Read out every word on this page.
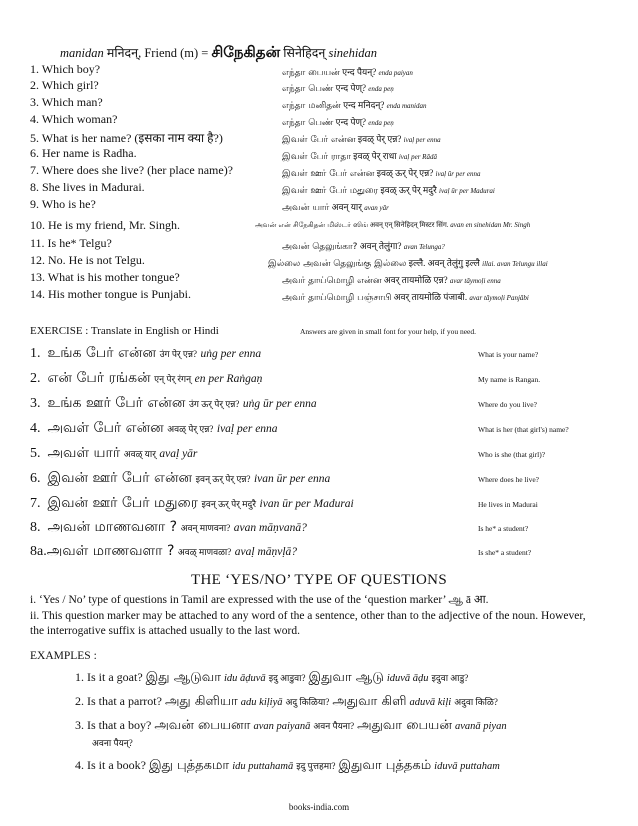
manidan मनिदन्, Friend (m) = சிநேகிதன் सिनेहिदन् sinehidan
1. Which boy?	எந்தா பையன் एन्द पैयन्? enda paiyan
2. Which girl?	எந்தா பெண் एन्द पेण्? enda peṇ
3. Which man?	எந்தா மனிதன் एन्द मनिदन्? enda manidan
4. Which woman?	எந்தா பெண் एन्द पेण्? enda peṇ
5. What is her name? (इसका नाम क्या है?)	இவள் பேர் என்ன इवळ् पेर् एन्न? ivaḷ per enna
6. Her name is Radha.	இவள் பேர் ராதா इवळ् पेर् राधा ivaḷ per Rādā
7. Where does she live? (her place name)?	இவள் ஊர் பேர் என்ன इवळ् ऊर् पेर् एन्न? ivaḷ ūr per enna
8. She lives in Madurai.	இவள் ஊர் பேர் மதுரை इवळ् ऊर् पेर् मदुरै ivaḷ ūr per Madurai
9. Who is he?	அவன் யார் अवन् यार् avan yār
10. He is my friend, Mr. Singh.	அவன் என் சிநேகிதன் மிஸ்டர் ஸிங் अवन् एन् सिनेहिदन् मिस्टर सिंग. avan en sinehidan Mr. Singh
11. Is he* Telgu?	அவன் தெலுங்கா? अवन् तेलुंगा? avan Telunga?
12. No. He is not Telgu.	இல்லை அவன் தெலுங்கு இல்லை इल्लै. अवन् तेलुंगु इल्लै illai. avan Telungu illai
13. What is his mother tongue?	அவர் தாய்மொழி என்ன अवर् तायमोळि एन्न? avar tāymoḷi enna
14. His mother tongue is Punjabi.	அவர் தாய்மொழி பஞ்சாபி अवर् तायमोळि पंजाबी. avar tāymoḷi Panjābi
EXERCISE : Translate in English or Hindi	Answers are given in small font for your help, if you need.
1. உங்க பேர் என்ன उंग पेर् एन्न? uṅg per enna	What is your name?
2. என் பேர் ரங்கன் एन् पेर् रंगन् en per Raṅgaṇ	My name is Rangan.
3. உங்க ஊர் பேர் என்ன उंग ऊर् पेर् एन्न? uṅg ūr per enna	Where do you live?
4. அவள் பேர் என்ன अवळ् पेर् एन्न? ivaḷ per enna	What is her (that girl's) name?
5. அவள் யார் अवळ् यार् avaḷ yār	Who is she (that girl)?
6. இவன் ஊர் பேர் என்ன इवन् ऊर् पेर् एन्न? ivan ūr per enna	Where does he live?
7. இவன் ஊர் பேர் மதுரை इवन् ऊर् पेर् मदुरै ivan ūr per Madurai	He lives in Madurai
8. அவன் மாணவனா ? अवन् माणवना? avan māṇvanā?	Is he* a student?
8a.அவள் மாணவளா ? अवळ् माणवळा? avaḷ māṇvḷā?	Is she* a student?
THE ‘YES/NO’ TYPE OF QUESTIONS
i. ‘Yes / No’ type of questions in Tamil are expressed with the use of the ‘question marker’ ஆ ā आ.
ii. This question marker may be attached to any word of the a sentence, other than to the adjective of the noun. However, the interrogative suffix is attached usually to the last word.
EXAMPLES :
1. Is it a goat? இது ஆடுவா idu āḍuvā इदु आडुवा? இதுவா ஆடு iduvā āḍu इदुवा आडु?
2. Is that a parrot? அது கிளியா adu kiḷiyā अदु किळिया? அதுவா கிளி aduvā kiḷi अदुवा किळि?
3. Is that a boy? அவன் பையனா avan paiyanā अवन पैयना? அதுவா பையன் avanā piyan
अवना पैयन्?
4. Is it a book? இது புத்தகமா idu puttahamā इदु पुत्तहमा? இதுவா புத்தகம் iduvā puttaham
books-india.com
